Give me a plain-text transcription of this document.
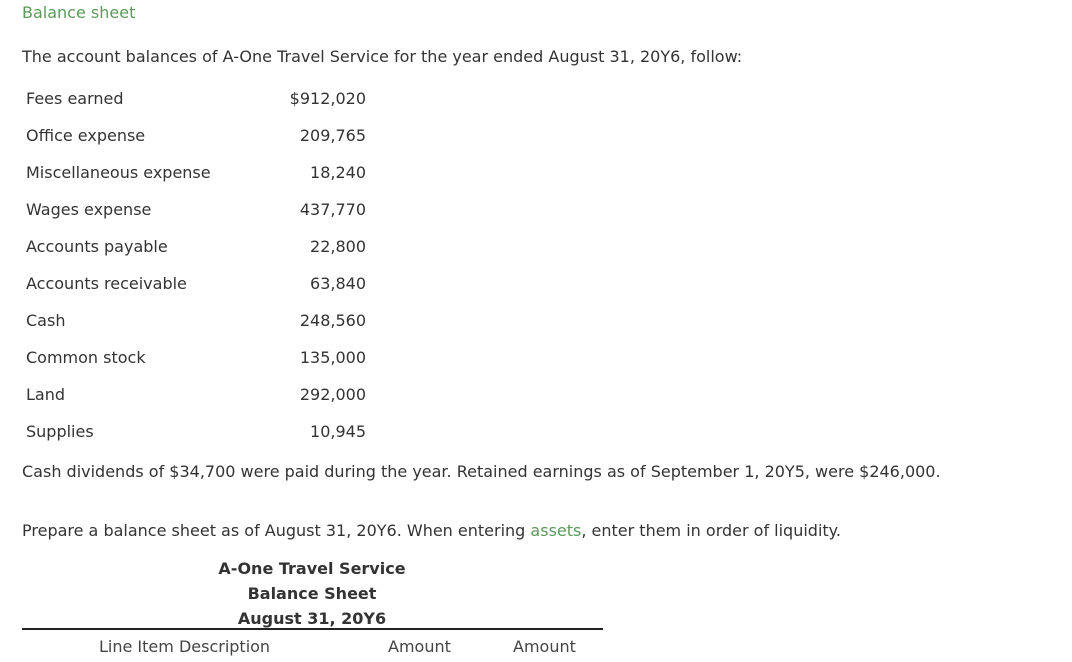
Balance sheet
The account balances of A-One Travel Service for the year ended August 31, 20Y6, follow:
Fees earned	$912,020
Office expense	209,765
Miscellaneous expense	18,240
Wages expense	437,770
Accounts payable	22,800
Accounts receivable	63,840
Cash	248,560
Common stock	135,000
Land	292,000
Supplies	10,945
Cash dividends of $34,700 were paid during the year. Retained earnings as of September 1, 20Y5, were $246,000.
Prepare a balance sheet as of August 31, 20Y6. When entering assets, enter them in order of liquidity.
A-One Travel Service
Balance Sheet
August 31, 20Y6
Line Item Description	Amount	Amount
